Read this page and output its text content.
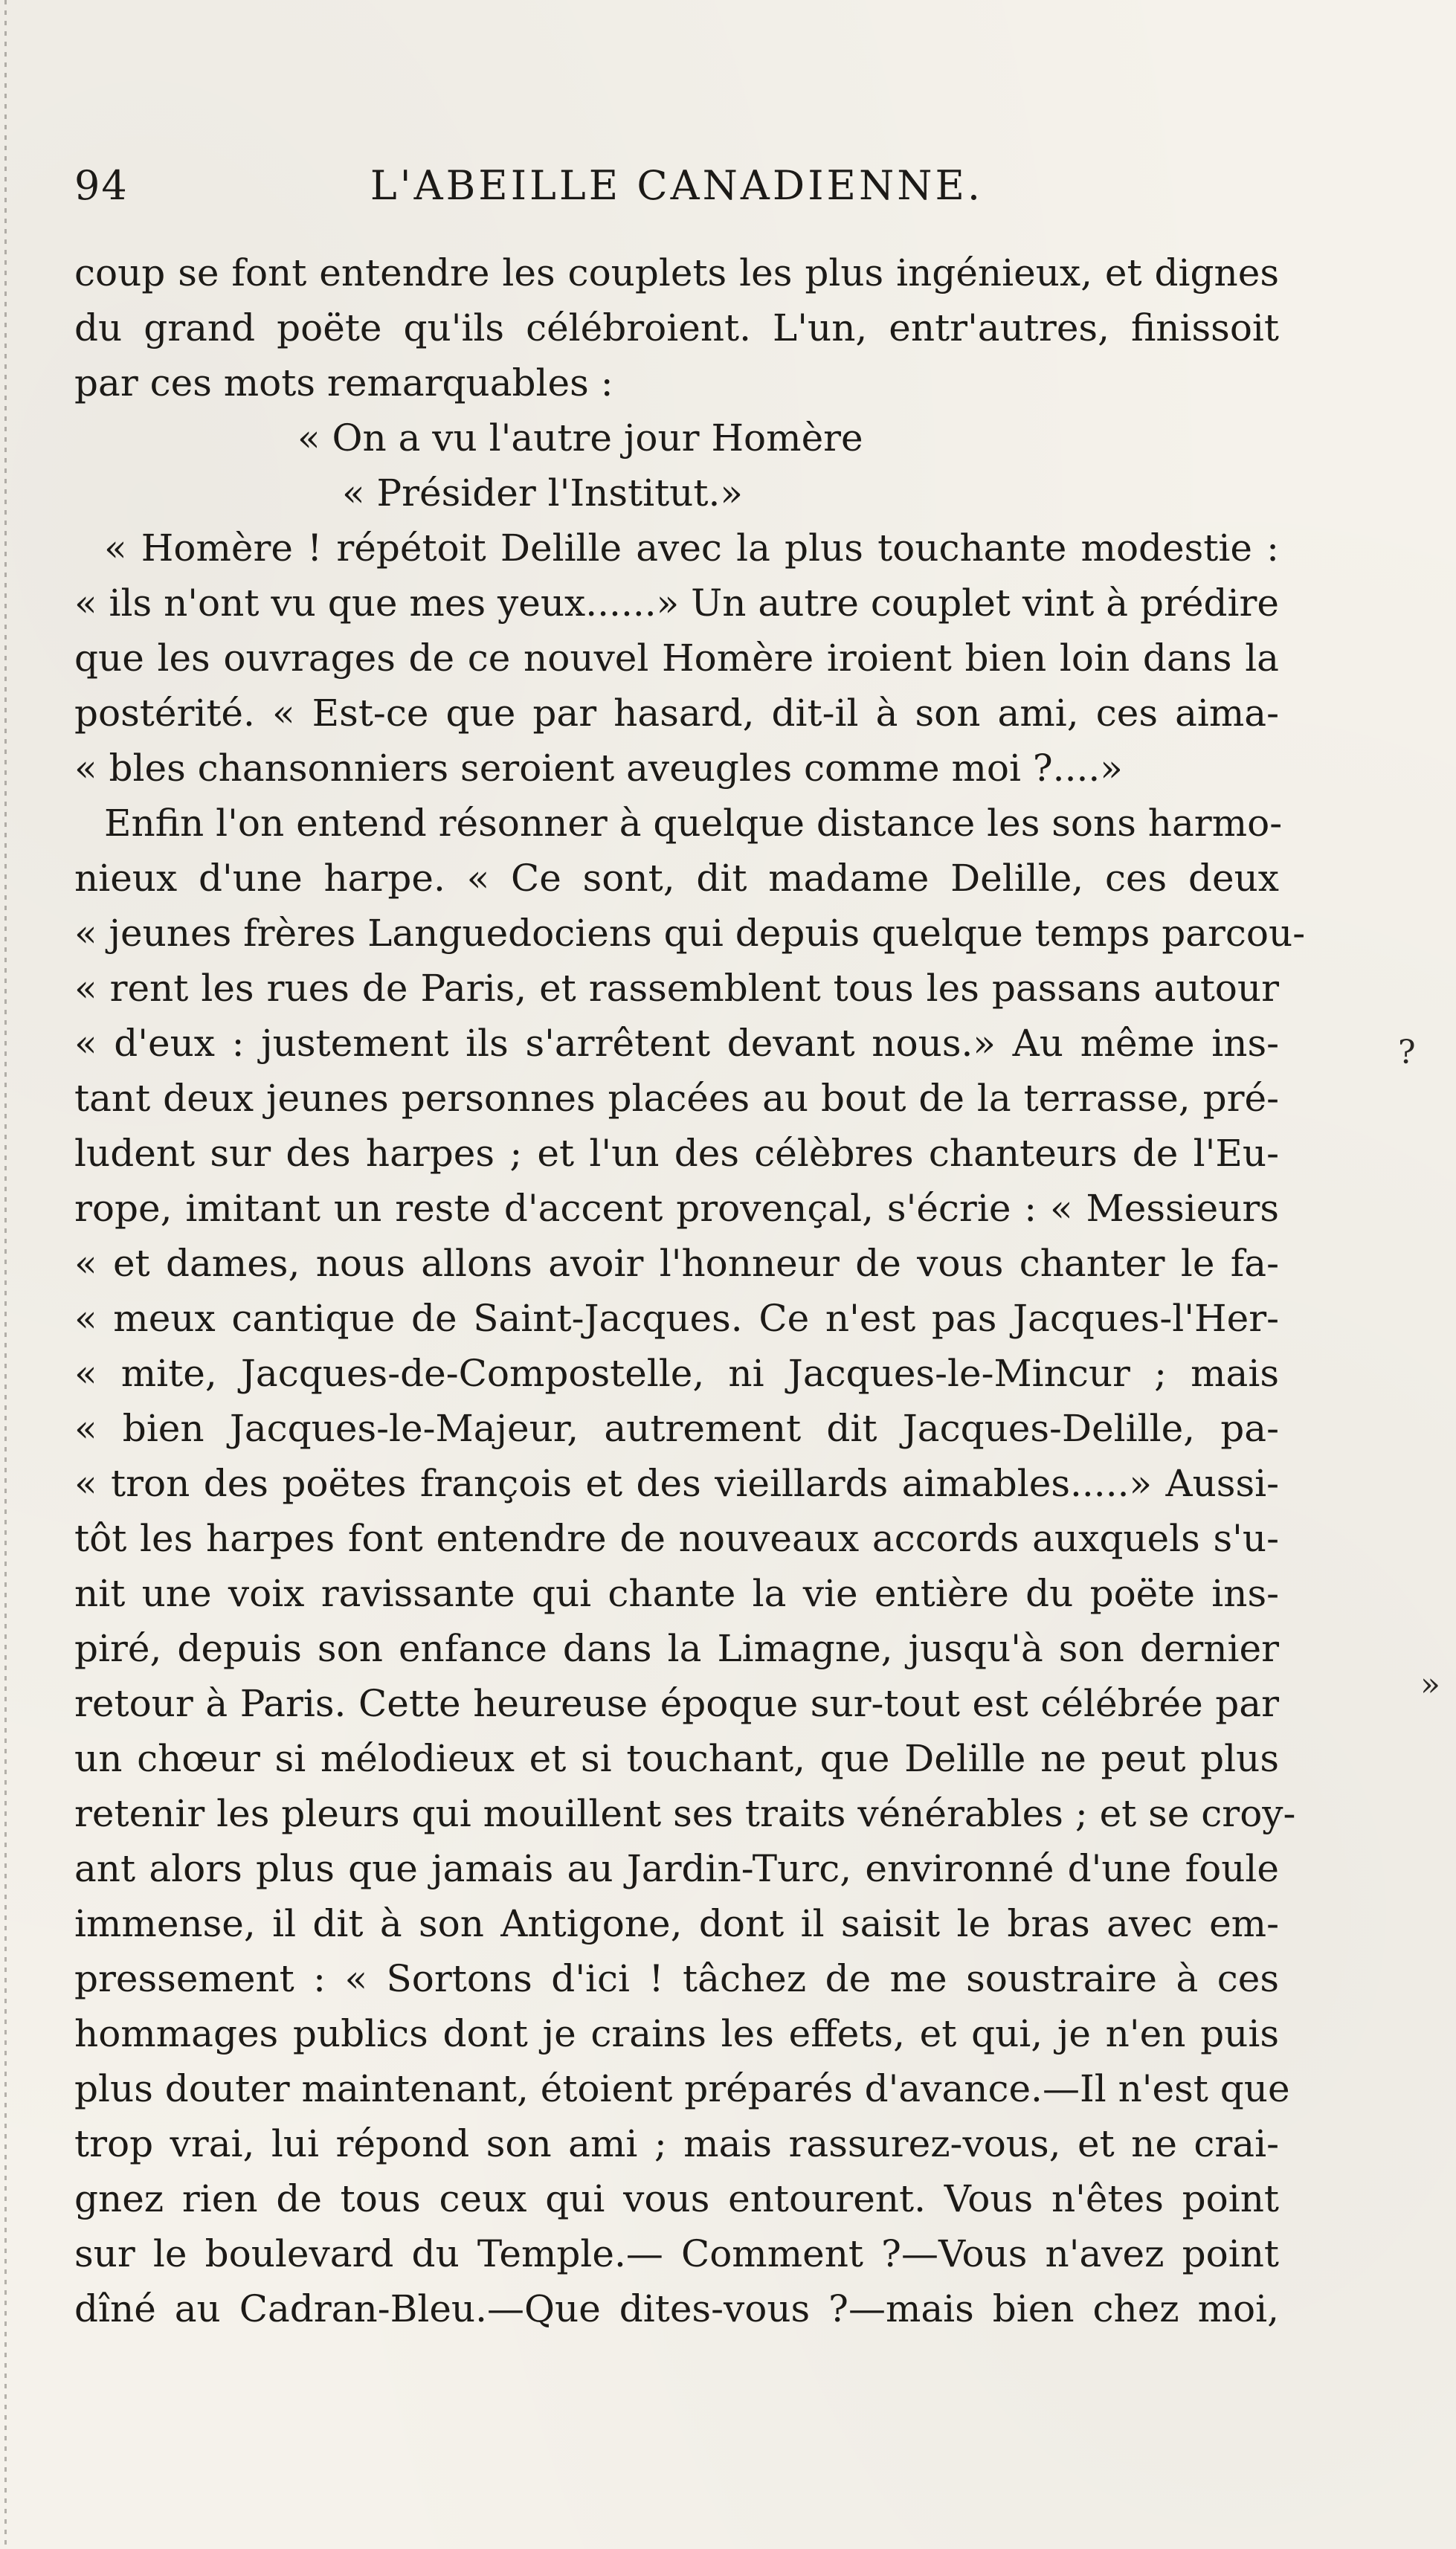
94	L'ABEILLE CANADIENNE.
coup se font entendre les couplets les plus ingénieux, et dignes
du grand poëte qu'ils célébroient. L'un, entr'autres, finissoit
par ces mots remarquables :
« On a vu l'autre jour Homère
« Présider l'Institut.»
« Homère ! répétoit Delille avec la plus touchante modestie :
« ils n'ont vu que mes yeux......» Un autre couplet vint à prédire
que les ouvrages de ce nouvel Homère iroient bien loin dans la
postérité. « Est-ce que par hasard, dit-il à son ami, ces aima-
« bles chansonniers seroient aveugles comme moi ?....»
Enfin l'on entend résonner à quelque distance les sons harmo-
nieux d'une harpe. « Ce sont, dit madame Delille, ces deux
« jeunes frères Languedociens qui depuis quelque temps parcou-
« rent les rues de Paris, et rassemblent tous les passans autour
« d'eux : justement ils s'arrêtent devant nous.» Au même ins-
tant deux jeunes personnes placées au bout de la terrasse, pré-
ludent sur des harpes ; et l'un des célèbres chanteurs de l'Eu-
rope, imitant un reste d'accent provençal, s'écrie : « Messieurs
« et dames, nous allons avoir l'honneur de vous chanter le fa-
« meux cantique de Saint-Jacques. Ce n'est pas Jacques-l'Her-
« mite, Jacques-de-Compostelle, ni Jacques-le-Mincur ; mais
« bien Jacques-le-Majeur, autrement dit Jacques-Delille, pa-
« tron des poëtes françois et des vieillards aimables.....» Aussi-
tôt les harpes font entendre de nouveaux accords auxquels s'u-
nit une voix ravissante qui chante la vie entière du poëte ins-
piré, depuis son enfance dans la Limagne, jusqu'à son dernier
retour à Paris. Cette heureuse époque sur-tout est célébrée par
un chœur si mélodieux et si touchant, que Delille ne peut plus
retenir les pleurs qui mouillent ses traits vénérables ; et se croy-
ant alors plus que jamais au Jardin-Turc, environné d'une foule
immense, il dit à son Antigone, dont il saisit le bras avec em-
pressement : « Sortons d'ici ! tâchez de me soustraire à ces
hommages publics dont je crains les effets, et qui, je n'en puis
plus douter maintenant, étoient préparés d'avance.—Il n'est que
trop vrai, lui répond son ami ; mais rassurez-vous, et ne crai-
gnez rien de tous ceux qui vous entourent. Vous n'êtes point
sur le boulevard du Temple.— Comment ?—Vous n'avez point
dîné au Cadran-Bleu.—Que dites-vous ?—mais bien chez moi,
?
»
